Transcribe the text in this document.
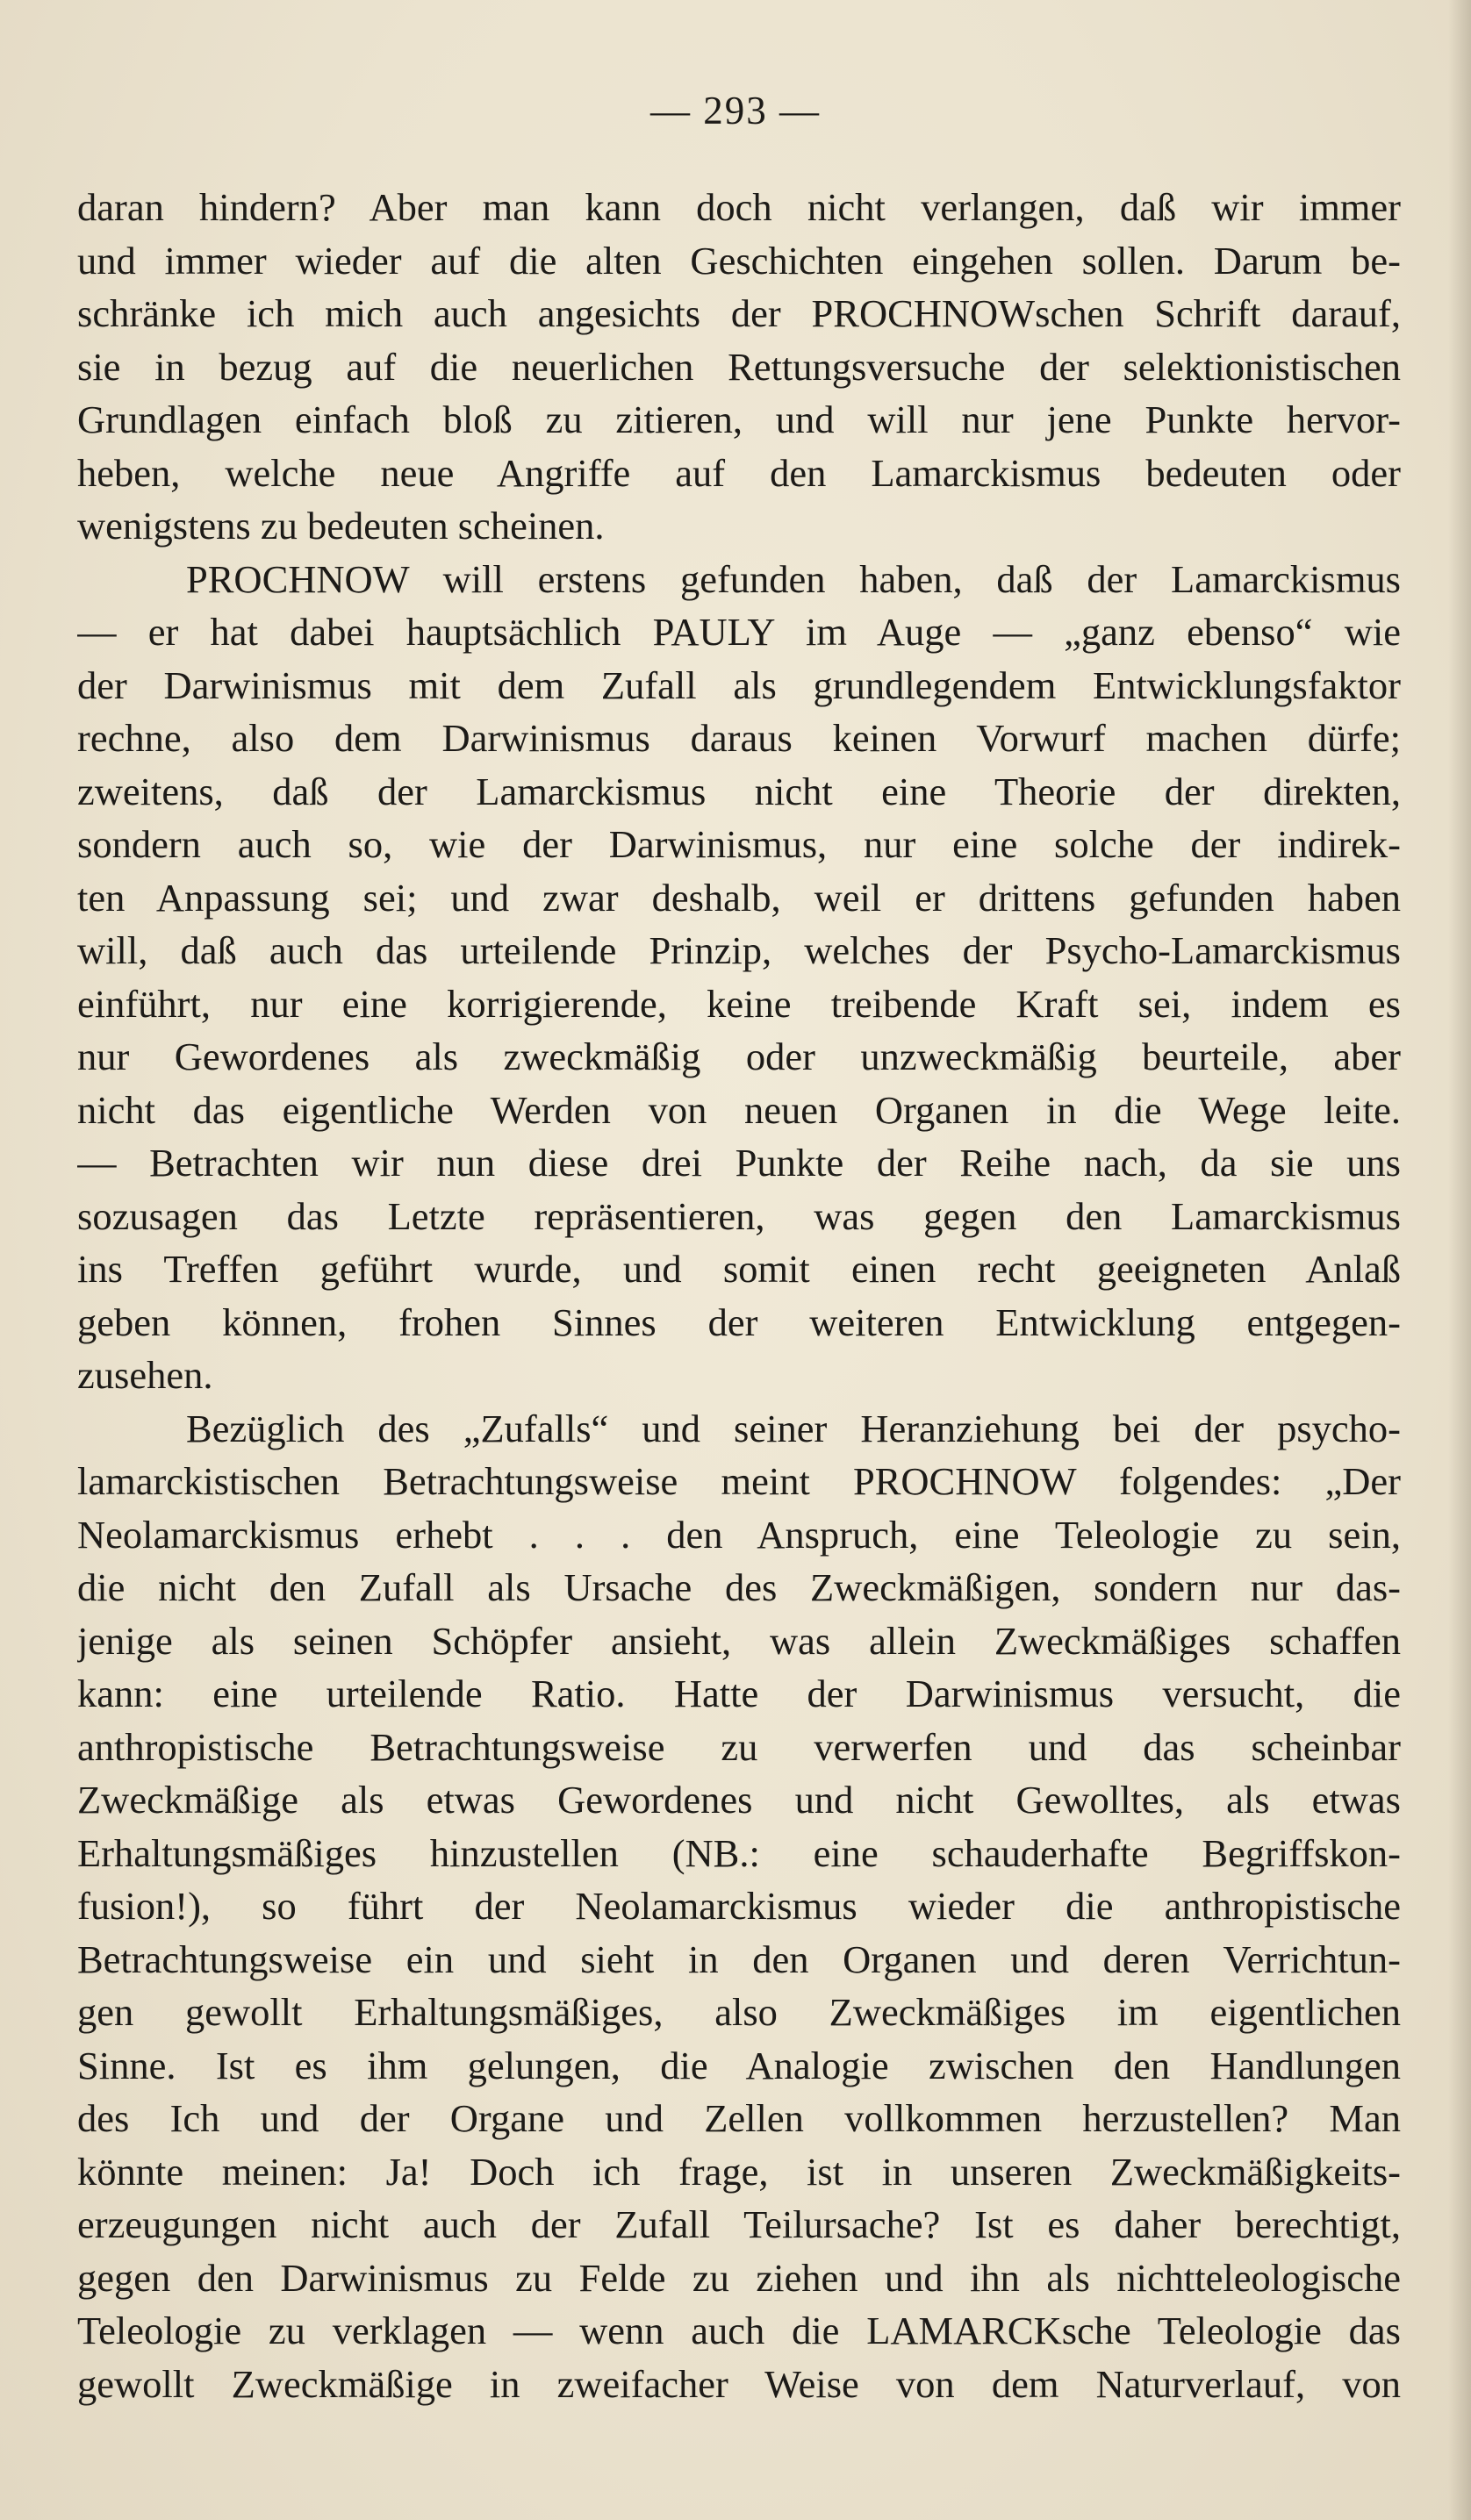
— 293 —
daran hindern? Aber man kann doch nicht verlangen, daß wir immer
und immer wieder auf die alten Geschichten eingehen sollen. Darum be-
schränke ich mich auch angesichts der PROCHNOWschen Schrift darauf,
sie in bezug auf die neuerlichen Rettungsversuche der selektionistischen
Grundlagen einfach bloß zu zitieren, und will nur jene Punkte hervor-
heben, welche neue Angriffe auf den Lamarckismus bedeuten oder
wenigstens zu bedeuten scheinen.
PROCHNOW will erstens gefunden haben, daß der Lamarckismus
— er hat dabei hauptsächlich PAULY im Auge — „ganz ebenso“ wie
der Darwinismus mit dem Zufall als grundlegendem Entwicklungsfaktor
rechne, also dem Darwinismus daraus keinen Vorwurf machen dürfe;
zweitens, daß der Lamarckismus nicht eine Theorie der direkten,
sondern auch so, wie der Darwinismus, nur eine solche der indirek-
ten Anpassung sei; und zwar deshalb, weil er drittens gefunden haben
will, daß auch das urteilende Prinzip, welches der Psycho-Lamarckismus
einführt, nur eine korrigierende, keine treibende Kraft sei, indem es
nur Gewordenes als zweckmäßig oder unzweckmäßig beurteile, aber
nicht das eigentliche Werden von neuen Organen in die Wege leite.
— Betrachten wir nun diese drei Punkte der Reihe nach, da sie uns
sozusagen das Letzte repräsentieren, was gegen den Lamarckismus
ins Treffen geführt wurde, und somit einen recht geeigneten Anlaß
geben können, frohen Sinnes der weiteren Entwicklung entgegen-
zusehen.
Bezüglich des „Zufalls“ und seiner Heranziehung bei der psycho-
lamarckistischen Betrachtungsweise meint PROCHNOW folgendes: „Der
Neolamarckismus erhebt . . . den Anspruch, eine Teleologie zu sein,
die nicht den Zufall als Ursache des Zweckmäßigen, sondern nur das-
jenige als seinen Schöpfer ansieht, was allein Zweckmäßiges schaffen
kann: eine urteilende Ratio. Hatte der Darwinismus versucht, die
anthropistische Betrachtungsweise zu verwerfen und das scheinbar
Zweckmäßige als etwas Gewordenes und nicht Gewolltes, als etwas
Erhaltungsmäßiges hinzustellen (NB.: eine schauderhafte Begriffskon-
fusion!), so führt der Neolamarckismus wieder die anthropistische
Betrachtungsweise ein und sieht in den Organen und deren Verrichtun-
gen gewollt Erhaltungsmäßiges, also Zweckmäßiges im eigentlichen
Sinne. Ist es ihm gelungen, die Analogie zwischen den Handlungen
des Ich und der Organe und Zellen vollkommen herzustellen? Man
könnte meinen: Ja! Doch ich frage, ist in unseren Zweckmäßigkeits-
erzeugungen nicht auch der Zufall Teilursache? Ist es daher berechtigt,
gegen den Darwinismus zu Felde zu ziehen und ihn als nichtteleologische
Teleologie zu verklagen — wenn auch die LAMARCKsche Teleologie das
gewollt Zweckmäßige in zweifacher Weise von dem Naturverlauf, von
